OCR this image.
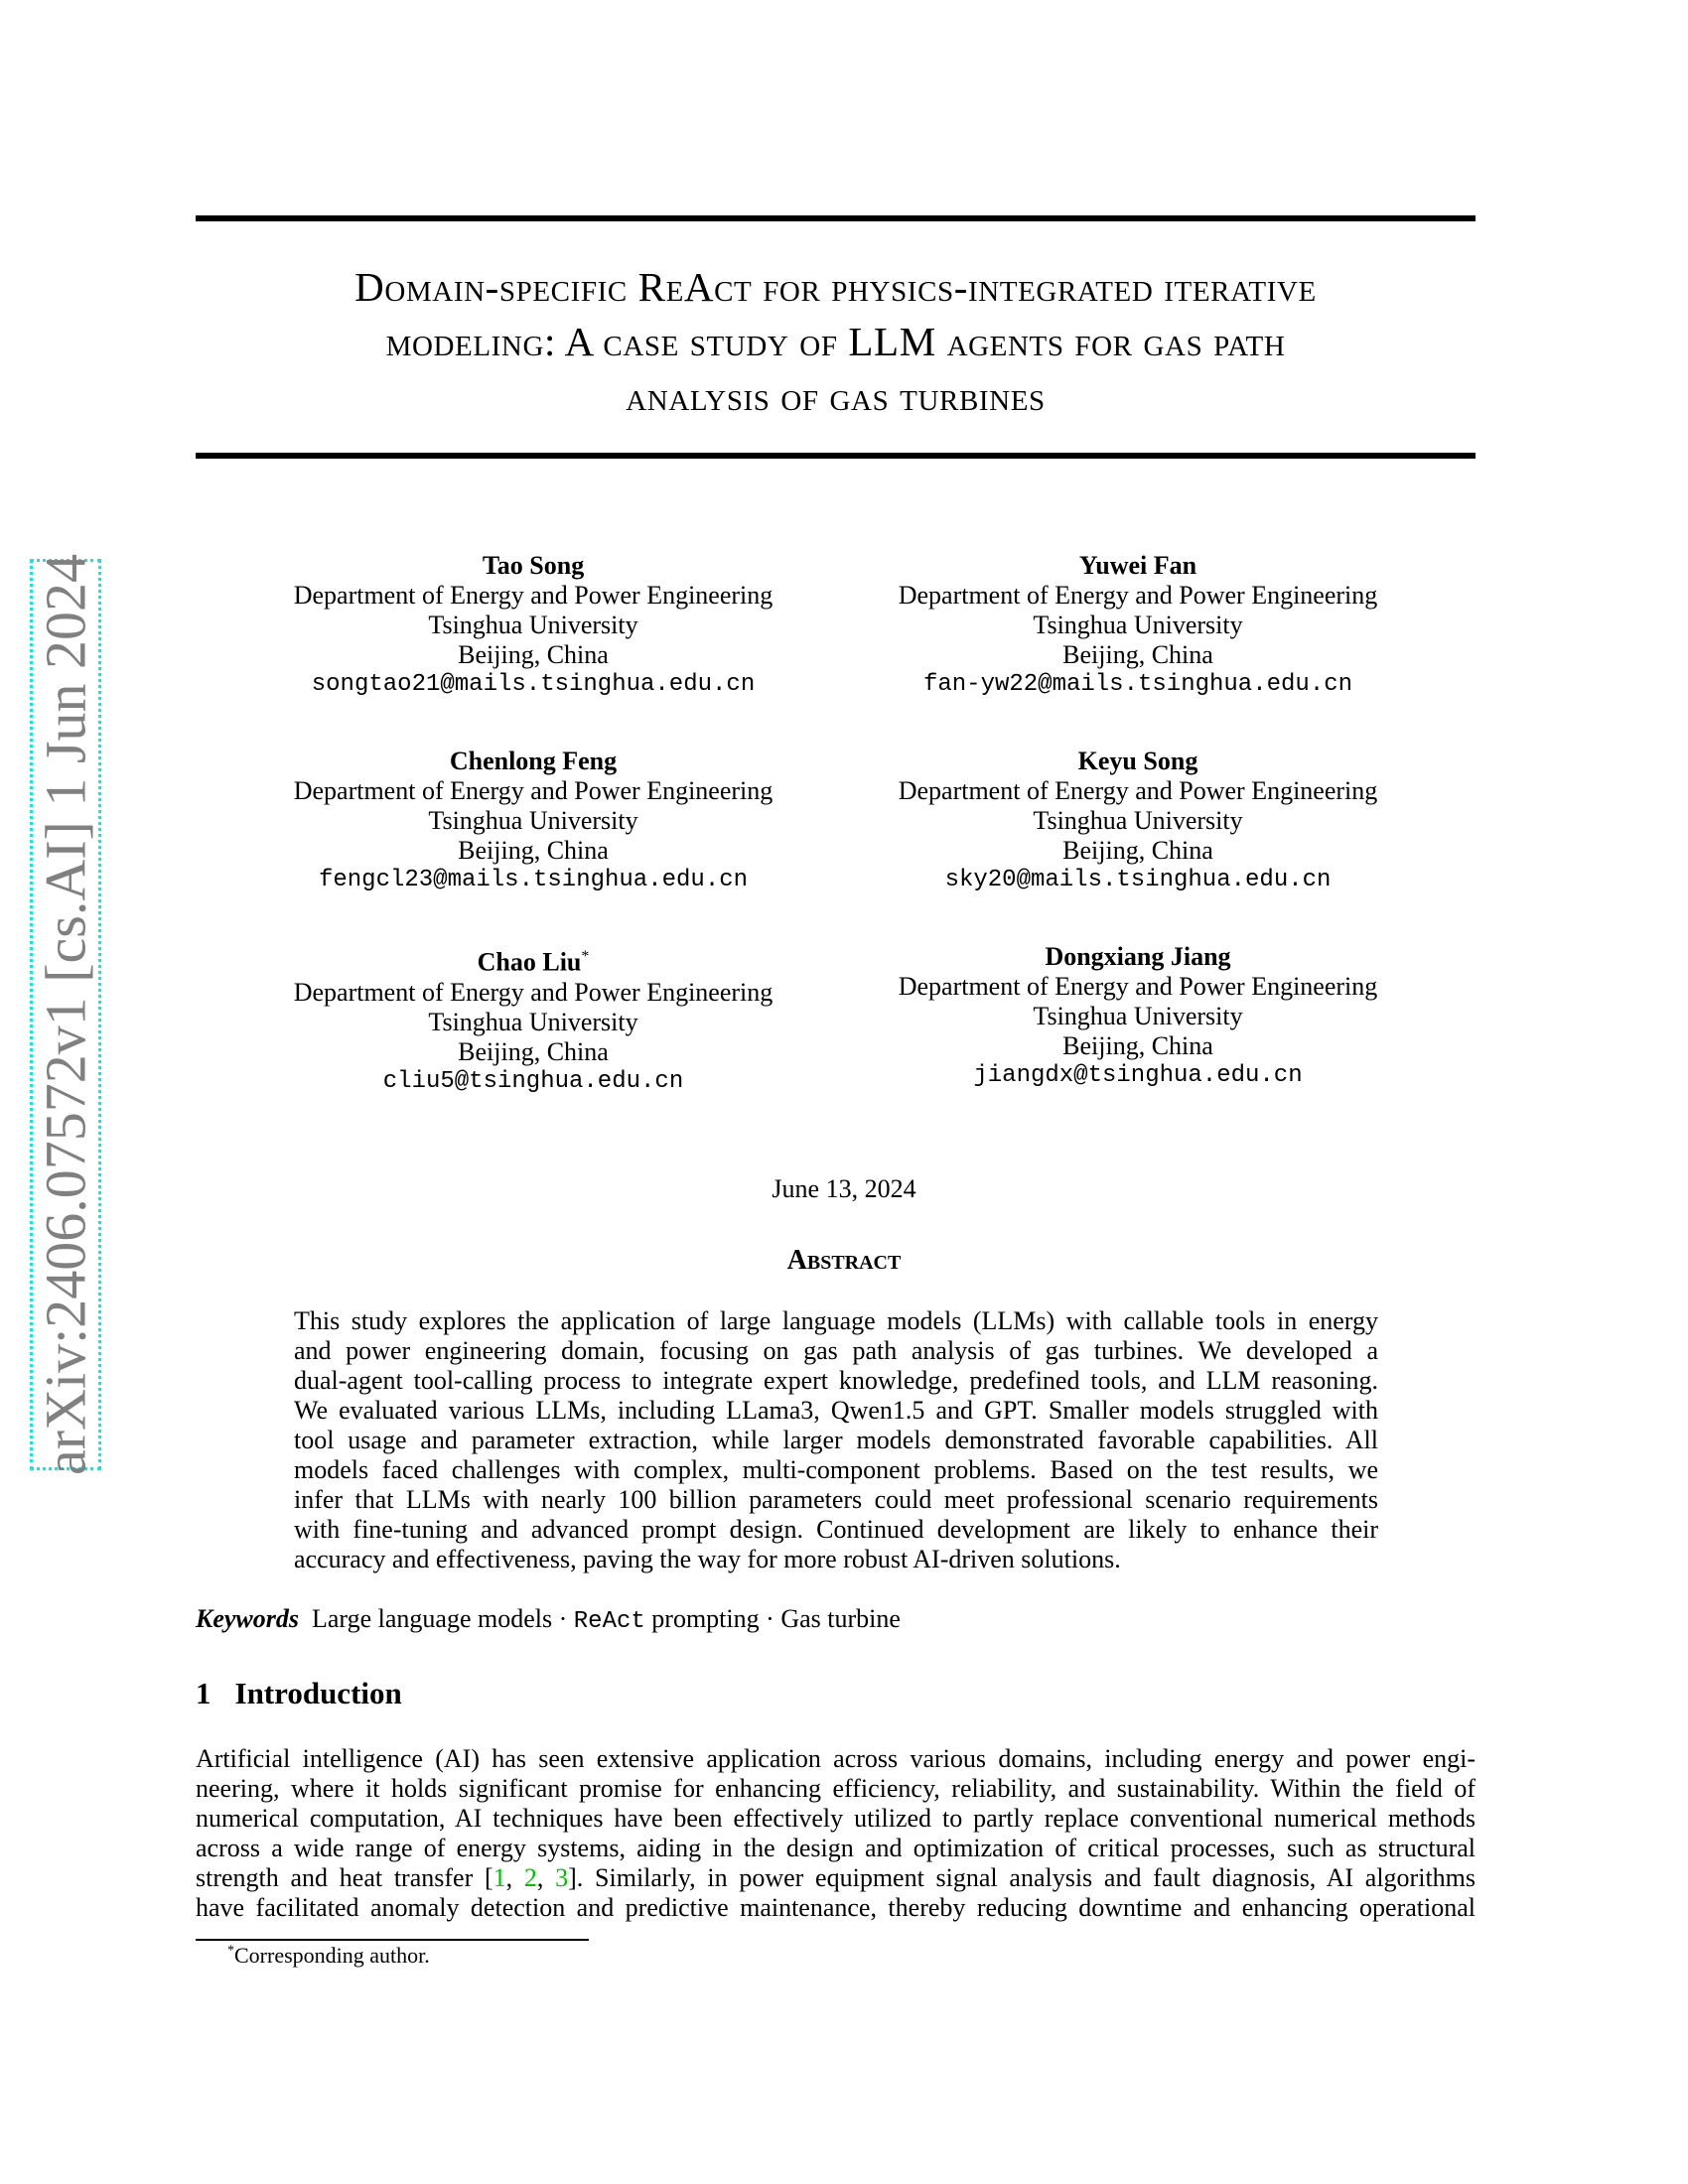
Domain-specific ReAct for physics-integrated iterative
modeling: A case study of LLM agents for gas path
analysis of gas turbines
arXiv:2406.07572v1 [cs.AI] 1 Jun 2024	Tao Song
Department of Energy and Power Engineering
Tsinghua University
Beijing, China
songtao21@mails.tsinghua.edu.cn
Yuwei Fan
Department of Energy and Power Engineering
Tsinghua University
Beijing, China
fan-yw22@mails.tsinghua.edu.cn
Chenlong Feng
Department of Energy and Power Engineering
Tsinghua University
Beijing, China
fengcl23@mails.tsinghua.edu.cn
Keyu Song
Department of Energy and Power Engineering
Tsinghua University
Beijing, China
sky20@mails.tsinghua.edu.cn
Chao Liu*
Department of Energy and Power Engineering
Tsinghua University
Beijing, China
cliu5@tsinghua.edu.cn
Dongxiang Jiang
Department of Energy and Power Engineering
Tsinghua University
Beijing, China
jiangdx@tsinghua.edu.cn
June 13, 2024
Abstract
This study explores the application of large language models (LLMs) with callable tools in energy
and power engineering domain, focusing on gas path analysis of gas turbines. We developed a
dual-agent tool-calling process to integrate expert knowledge, predefined tools, and LLM reasoning.
We evaluated various LLMs, including LLama3, Qwen1.5 and GPT. Smaller models struggled with
tool usage and parameter extraction, while larger models demonstrated favorable capabilities. All
models faced challenges with complex, multi-component problems. Based on the test results, we
infer that LLMs with nearly 100 billion parameters could meet professional scenario requirements
with fine-tuning and advanced prompt design. Continued development are likely to enhance their
accuracy and effectiveness, paving the way for more robust AI-driven solutions.
Keywords Large language models · ReAct prompting · Gas turbine
1 Introduction
Artificial intelligence (AI) has seen extensive application across various domains, including energy and power engi-
neering, where it holds significant promise for enhancing efficiency, reliability, and sustainability. Within the field of
numerical computation, AI techniques have been effectively utilized to partly replace conventional numerical methods
across a wide range of energy systems, aiding in the design and optimization of critical processes, such as structural
strength and heat transfer [1, 2, 3]. Similarly, in power equipment signal analysis and fault diagnosis, AI algorithms
have facilitated anomaly detection and predictive maintenance, thereby reducing downtime and enhancing operational
*Corresponding author.
